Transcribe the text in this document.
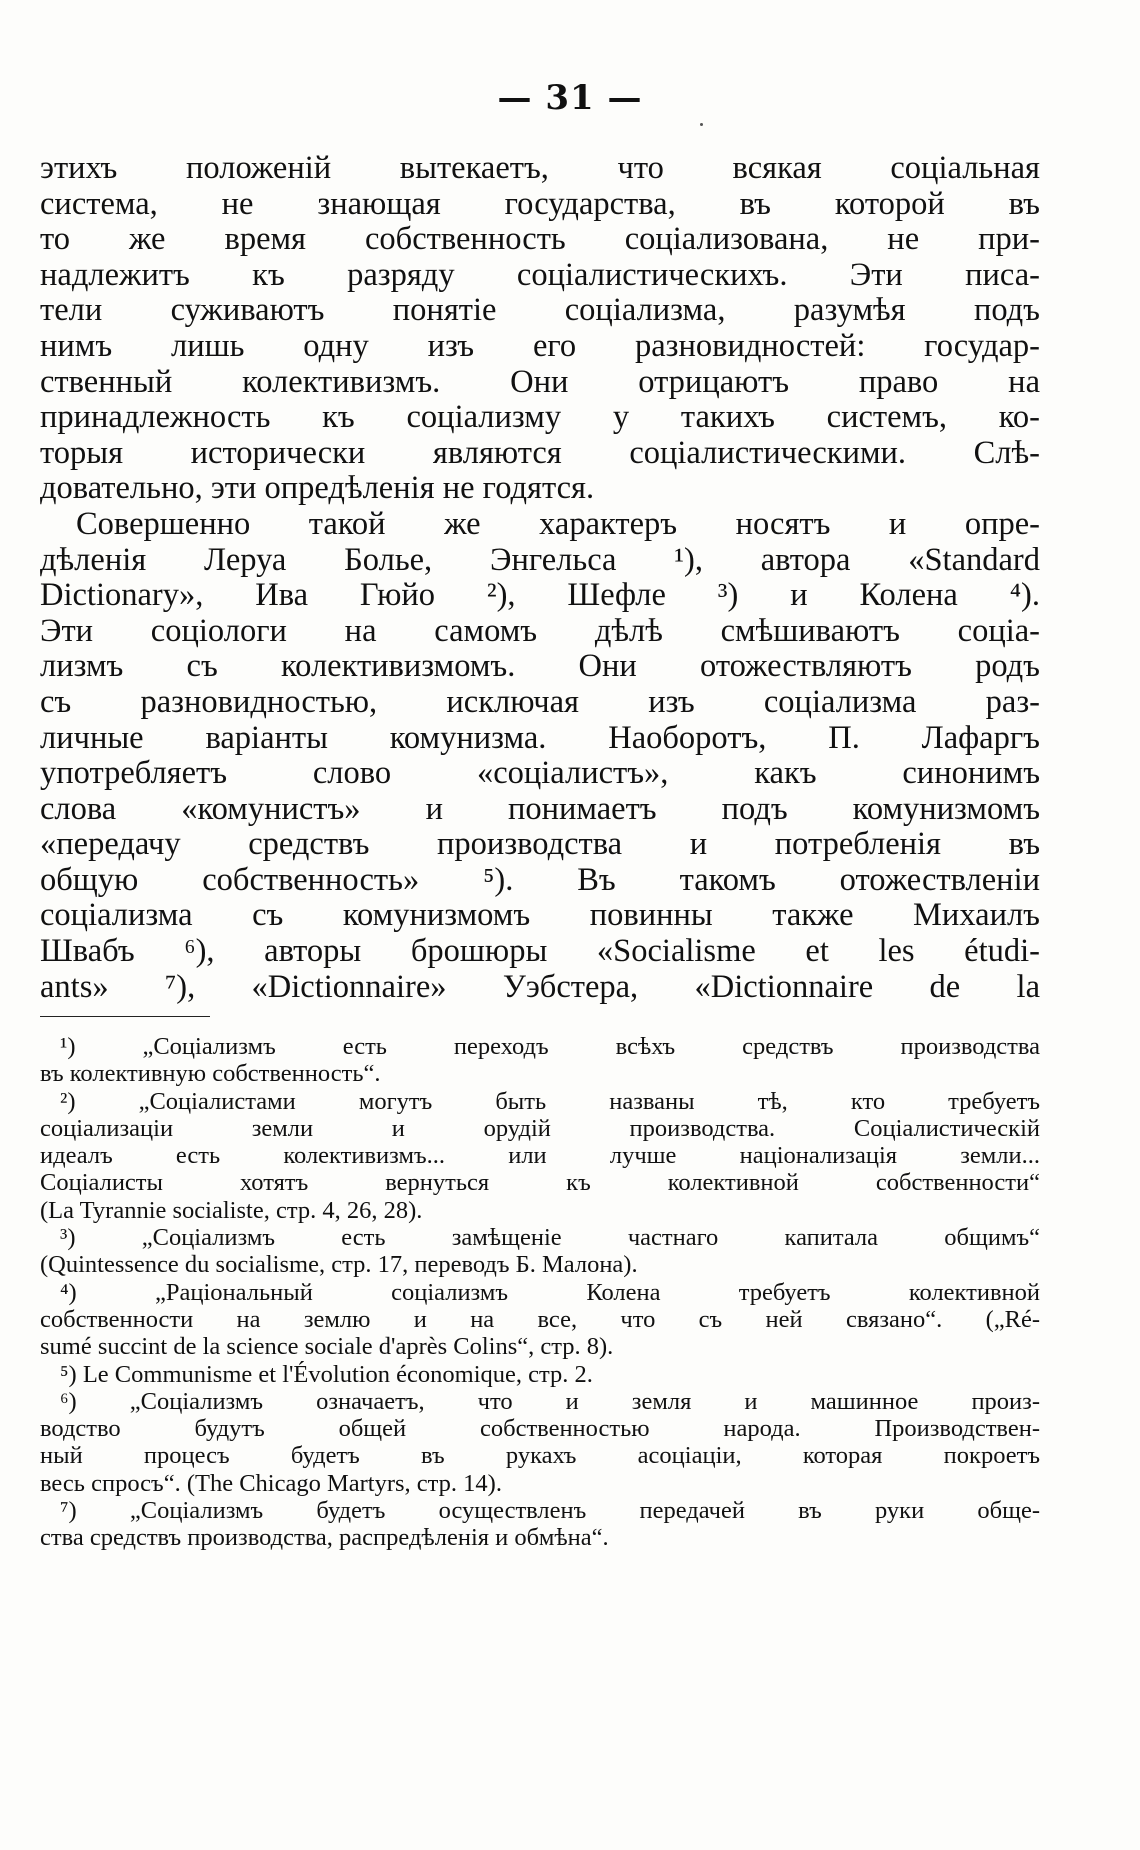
— 31 —
этихъ положеній вытекаетъ, что всякая соціальная
система, не знающая государства, въ которой въ
то же время собственность соціализована, не при-
надлежитъ къ разряду соціалистическихъ. Эти писа-
тели суживаютъ понятіе соціализма, разумѣя подъ
нимъ лишь одну изъ его разновидностей: государ-
ственный колективизмъ. Они отрицаютъ право на
принадлежность къ соціализму у такихъ системъ, ко-
торыя исторически являются соціалистическими. Слѣ-
довательно, эти опредѣленія не годятся.
Совершенно такой же характеръ носятъ и опре-
дѣленія Леруа Болье, Энгельса ¹), автора «Standard
Dictionary», Ива Гюйо ²), Шефле ³) и Колена ⁴).
Эти соціологи на самомъ дѣлѣ смѣшиваютъ соціа-
лизмъ съ колективизмомъ. Они отожествляютъ родъ
съ разновидностью, исключая изъ соціализма раз-
личные варіанты комунизма. Наоборотъ, П. Лафаргъ
употребляетъ слово «соціалистъ», какъ синонимъ
слова «комунистъ» и понимаетъ подъ комунизмомъ
«передачу средствъ производства и потребленія въ
общую собственность» ⁵). Въ такомъ отожествленіи
соціализма съ комунизмомъ повинны также Михаилъ
Швабъ ⁶), авторы брошюры «Socialisme et les étudi-
ants» ⁷), «Dictionnaire» Уэбстера, «Dictionnaire de la
¹) „Соціализмъ есть переходъ всѣхъ средствъ производства
въ колективную собственность“.
²) „Соціалистами могутъ быть названы тѣ, кто требуетъ
соціализаціи земли и орудій производства. Соціалистическій
идеалъ есть колективизмъ... или лучше націонализація земли...
Соціалисты хотятъ вернуться къ колективной собственности“
(La Tyrannie socialiste, стр. 4, 26, 28).
³) „Соціализмъ есть замѣщеніе частнаго капитала общимъ“
(Quintessence du socialisme, стр. 17, переводъ Б. Малона).
⁴) „Раціональный соціализмъ Колена требуетъ колективной
собственности на землю и на все, что съ ней связано“. („Ré-
sumé succint de la science sociale d'après Colins“, стр. 8).
⁵) Le Communisme et l'Évolution économique, стр. 2.
⁶) „Соціализмъ означаетъ, что и земля и машинное произ-
водство будутъ общей собственностью народа. Производствен-
ный процесъ будетъ въ рукахъ асоціаціи, которая покроетъ
весь спросъ“. (The Chicago Martyrs, стр. 14).
⁷) „Соціализмъ будетъ осуществленъ передачей въ руки обще-
ства средствъ производства, распредѣленія и обмѣна“.
